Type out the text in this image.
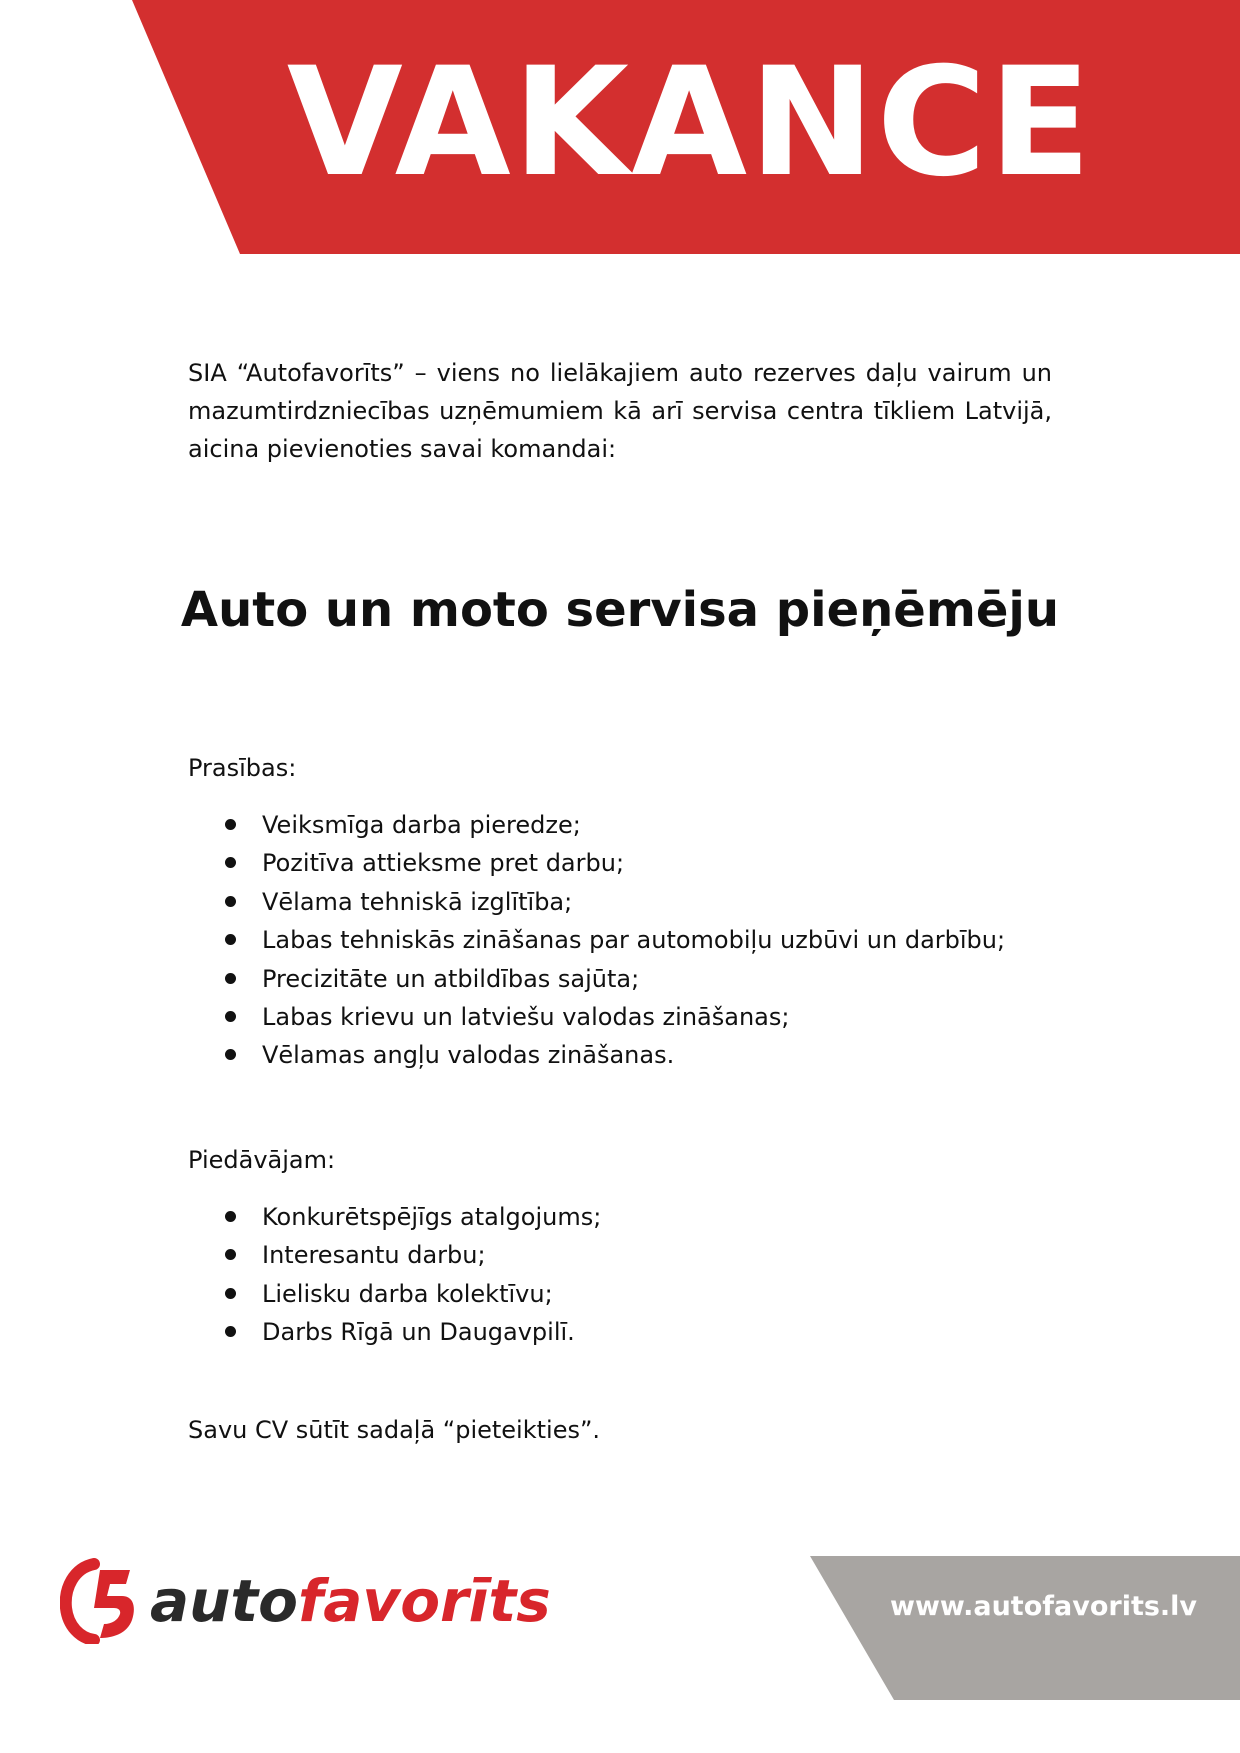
VAKANCE
SIA “Autofavorīts” – viens no lielākajiem auto rezerves daļu vairum un mazumtirdzniecības uzņēmumiem kā arī servisa centra tīkliem Latvijā, aicina pievienoties savai komandai:
Auto un moto servisa pieņēmēju
Prasības:
Veiksmīga darba pieredze;
Pozitīva attieksme pret darbu;
Vēlama tehniskā izglītība;
Labas tehniskās zināšanas par automobiļu uzbūvi un darbību;
Precizitāte un atbildības sajūta;
Labas krievu un latviešu valodas zināšanas;
Vēlamas angļu valodas zināšanas.
Piedāvājam:
Konkurētspējīgs atalgojums;
Interesantu darbu;
Lielisku darba kolektīvu;
Darbs Rīgā un Daugavpilī.
Savu CV sūtīt sadaļā “pieteikties”.
autofavorīts	www.autofavorits.lv
